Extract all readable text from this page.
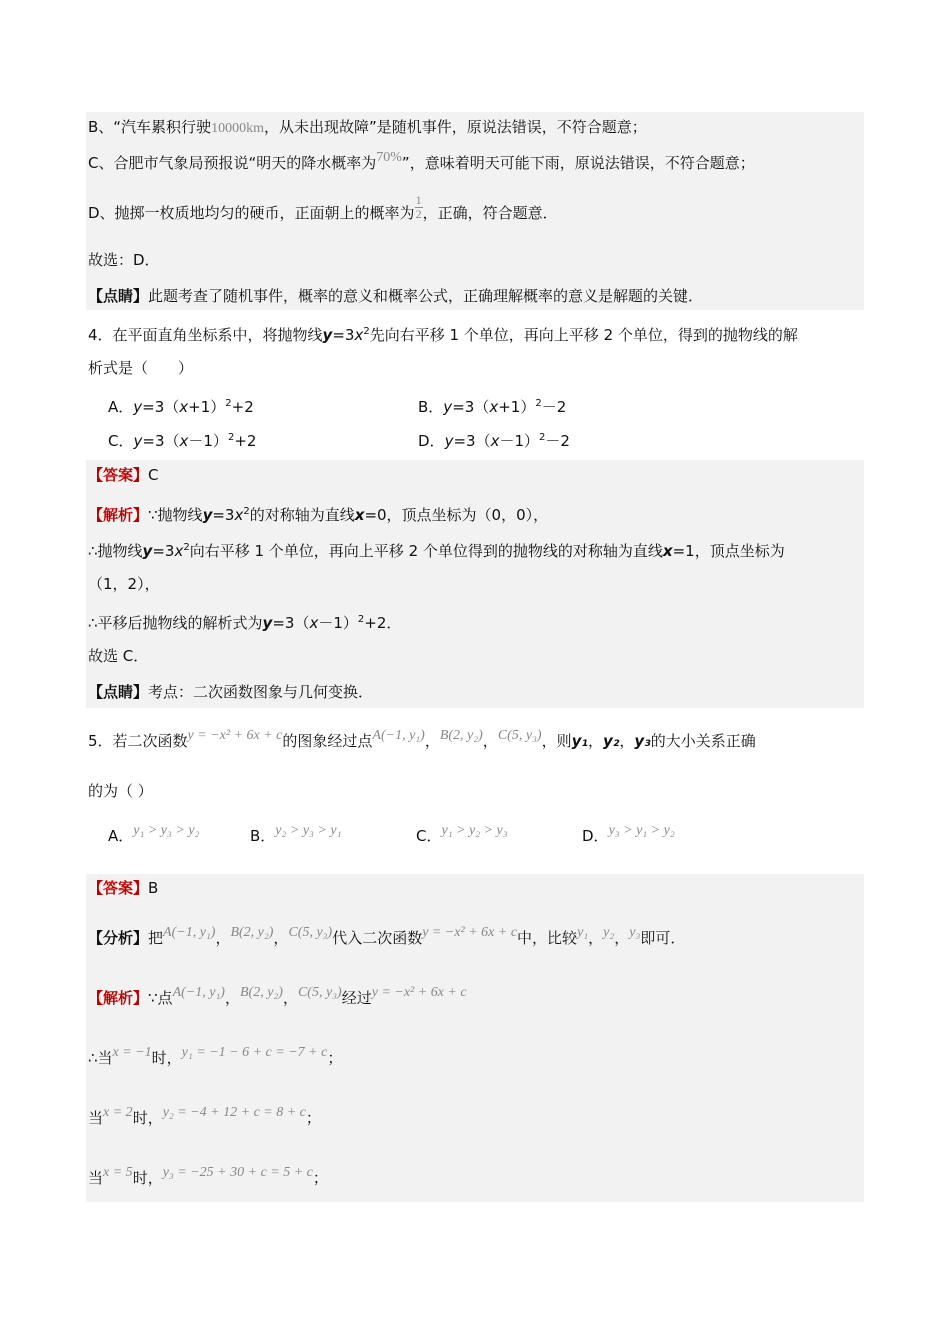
B、“汽车累积行驶10000km，从未出现故障”是随机事件，原说法错误，不符合题意；
C、合肥市气象局预报说“明天的降水概率为70%”，意味着明天可能下雨，原说法错误，不符合题意；
D、抛掷一枚质地均匀的硬币，正面朝上的概率为 $\frac{1}{2}$ ，正确，符合题意．
故选：D．
【点睛】此题考查了随机事件，概率的意义和概率公式，正确理解概率的意义是解题的关键．
4．在平面直角坐标系中，将抛物线$y=3x^2$先向右平移 1 个单位，再向上平移 2 个单位，得到的抛物线的解
析式是（　　）
A．$y=3(x+1)^2+2$	B．$y=3(x+1)^2-2$
C．$y=3(x-1)^2+2$	D．$y=3(x-1)^2-2$
【答案】C
【解析】∵抛物线$y=3x^2$的对称轴为直线x=0，顶点坐标为（0，0），
∴抛物线$y=3x^2$向右平移 1 个单位，再向上平移 2 个单位得到的抛物线的对称轴为直线x=1，顶点坐标为
（1，2），
∴平移后抛物线的解析式为$y=3(x-1)^2+2$．
故选 C．
【点睛】考点：二次函数图象与几何变换．
5．若二次函数y = −x² + 6x + c的图象经过点A(−1, y₁)，B(2, y₂)，C(5, y₃)，则y₁，y₂，y₃的大小关系正确
的为（ ）
A．y₁ > y₃ > y₂	B．y₂ > y₃ > y₁	C．y₁ > y₂ > y₃	D．y₃ > y₁ > y₂
【答案】B
【分析】把A(−1, y₁)，B(2, y₂)，C(5, y₃)代入二次函数y = −x² + 6x + c中，比较y₁，y₂，y₃即可．
【解析】∵点A(−1, y₁)，B(2, y₂)，C(5, y₃)经过y = −x² + 6x + c
∴当x = −1时，y₁ = −1 − 6 + c = −7 + c；
当x = 2时，y₂ = −4 + 12 + c = 8 + c；
当x = 5时，y₃ = −25 + 30 + c = 5 + c；
